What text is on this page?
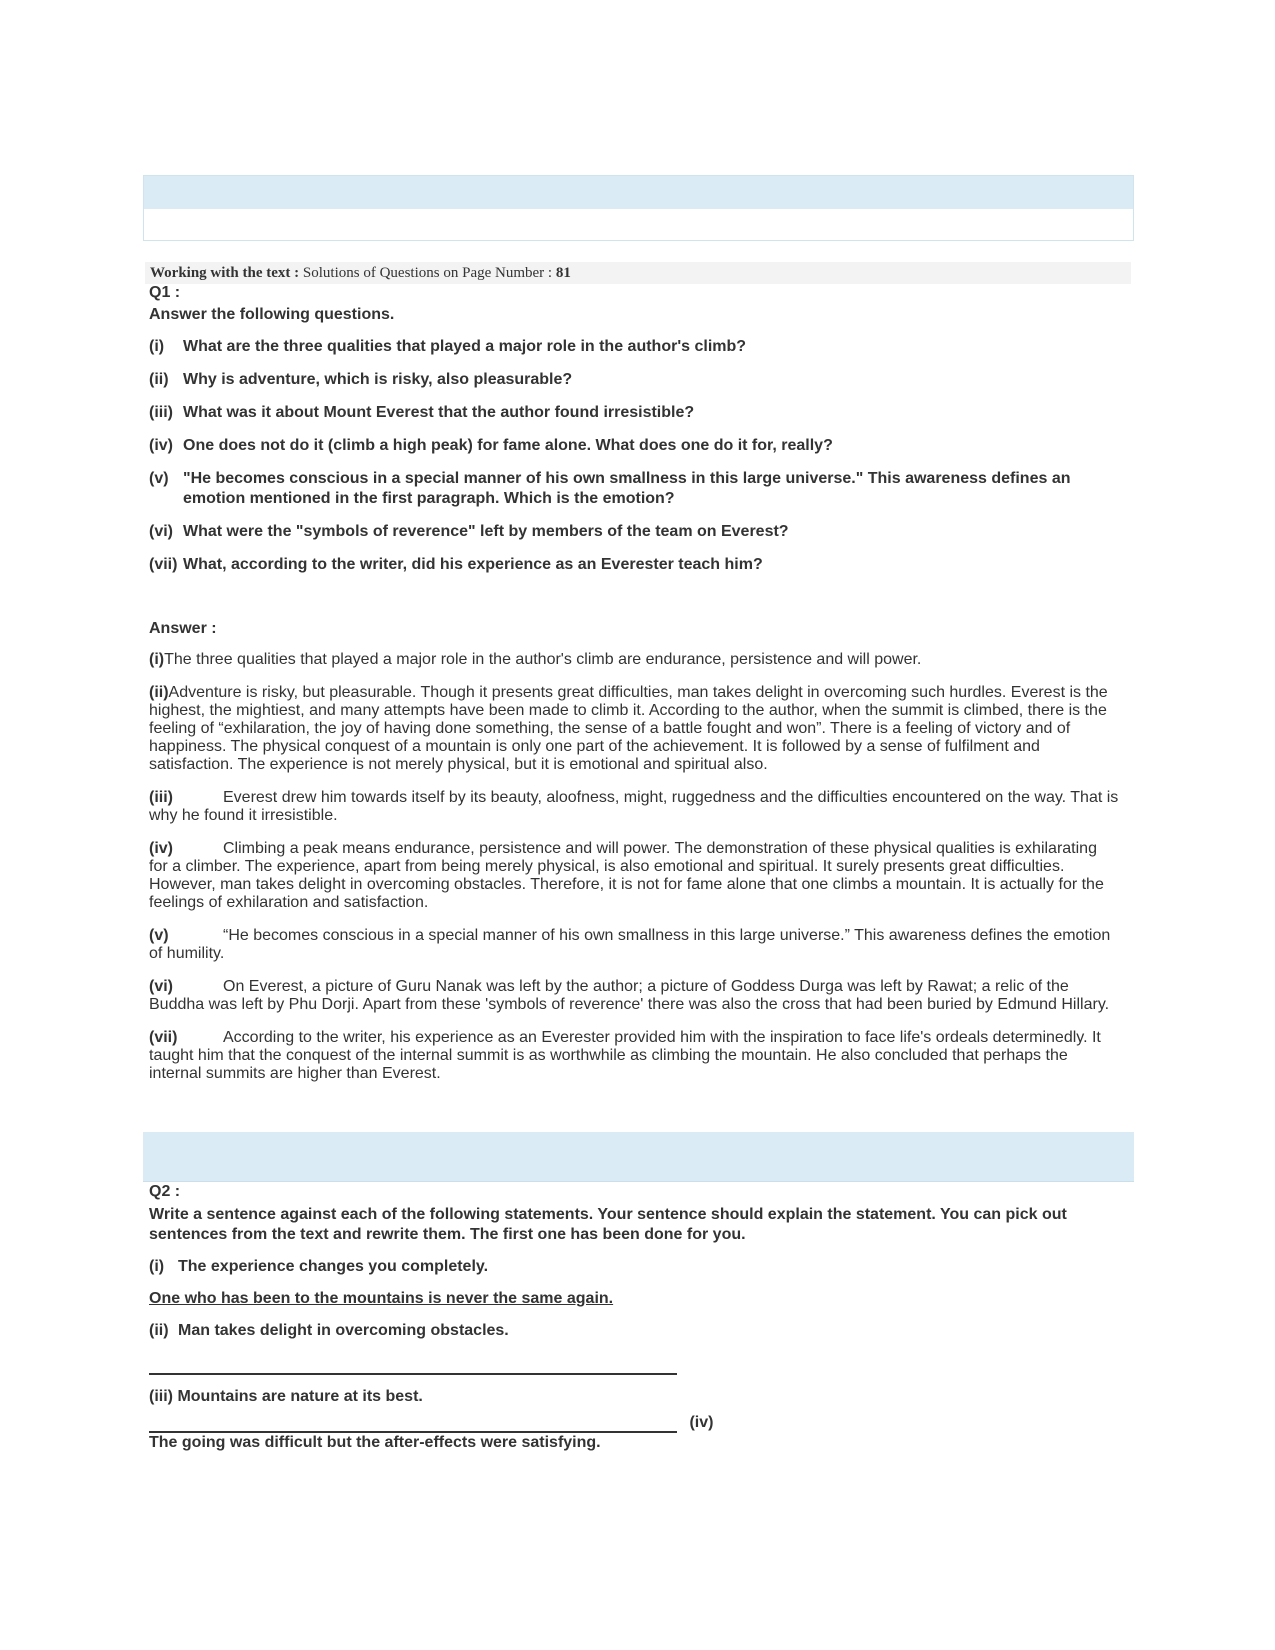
Working with the text : Solutions of Questions on Page Number : 81
Q1 :
Answer the following questions.
(i)	What are the three qualities that played a major role in the author's climb?
(ii) Why is adventure, which is risky, also pleasurable?
(iii) What was it about Mount Everest that the author found irresistible?
(iv) One does not do it (climb a high peak) for fame alone. What does one do it for, really?
(v) "He becomes conscious in a special manner of his own smallness in this large universe." This awareness defines an emotion mentioned in the first paragraph. Which is the emotion?
(vi) What were the "symbols of reverence" left by members of the team on Everest?
(vii) What, according to the writer, did his experience as an Everester teach him?
Answer :
(i)The three qualities that played a major role in the author's climb are endurance, persistence and will power.
(ii)Adventure is risky, but pleasurable. Though it presents great difficulties, man takes delight in overcoming such hurdles. Everest is the highest, the mightiest, and many attempts have been made to climb it. According to the author, when the summit is climbed, there is the feeling of “exhilaration, the joy of having done something, the sense of a battle fought and won”. There is a feeling of victory and of happiness. The physical conquest of a mountain is only one part of the achievement. It is followed by a sense of fulfilment and satisfaction. The experience is not merely physical, but it is emotional and spiritual also.
(iii)	Everest drew him towards itself by its beauty, aloofness, might, ruggedness and the difficulties encountered on the way. That is why he found it irresistible.
(iv)	Climbing a peak means endurance, persistence and will power. The demonstration of these physical qualities is exhilarating for a climber. The experience, apart from being merely physical, is also emotional and spiritual. It surely presents great difficulties. However, man takes delight in overcoming obstacles. Therefore, it is not for fame alone that one climbs a mountain. It is actually for the feelings of exhilaration and satisfaction.
(v)	“He becomes conscious in a special manner of his own smallness in this large universe.” This awareness defines the emotion of humility.
(vi)	On Everest, a picture of Guru Nanak was left by the author; a picture of Goddess Durga was left by Rawat; a relic of the Buddha was left by Phu Dorji. Apart from these 'symbols of reverence' there was also the cross that had been buried by Edmund Hillary.
(vii)	According to the writer, his experience as an Everester provided him with the inspiration to face life's ordeals determinedly. It taught him that the conquest of the internal summit is as worthwhile as climbing the mountain. He also concluded that perhaps the internal summits are higher than Everest.
Q2 :
Write a sentence against each of the following statements. Your sentence should explain the statement. You can pick out sentences from the text and rewrite them. The first one has been done for you.
(i) The experience changes you completely.
One who has been to the mountains is never the same again.
(ii) Man takes delight in overcoming obstacles.
(iii) Mountains are nature at its best.
(iv)
The going was difficult but the after-effects were satisfying.
